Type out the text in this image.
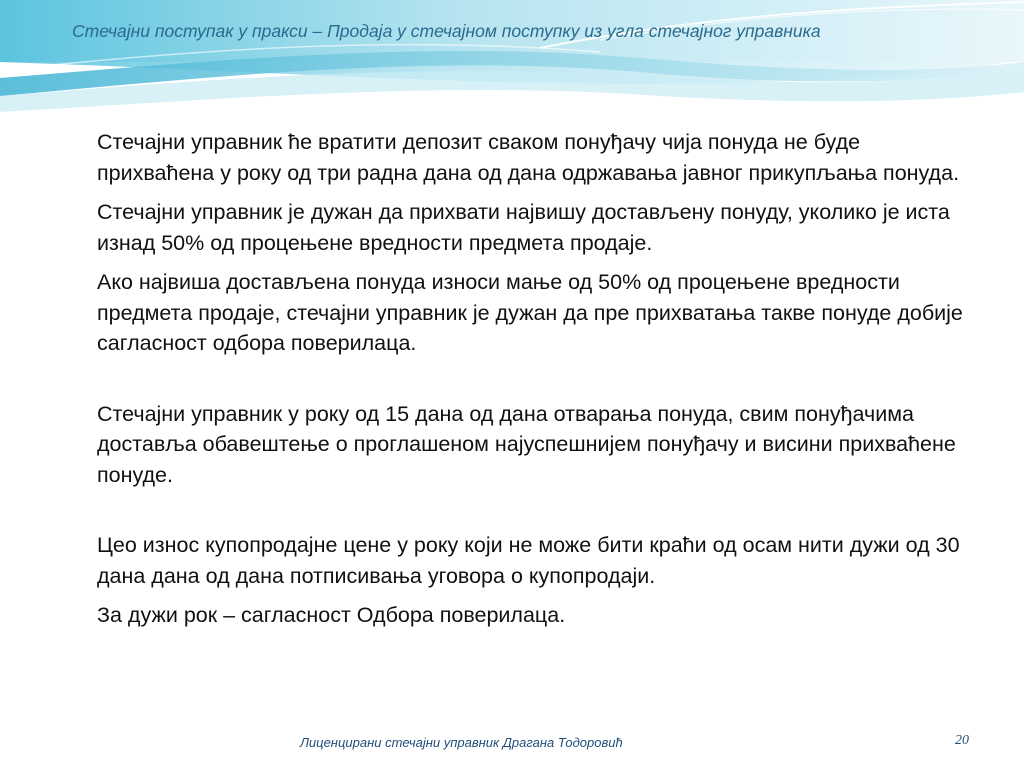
Стечајни поступак у пракси – Продаја у стечајном поступку из угла стечајног управника

Стечајни управник ће вратити депозит сваком понуђачу чија понуда не буде прихваћена у року од три радна дана од дана одржавања јавног прикупљања понуда.

Стечајни управник је дужан да прихвати највишу достављену понуду, уколико је иста изнад 50% од процењене вредности предмета продаје.

Ако највиша достављена понуда износи мање од 50% од процењене вредности предмета продаје, стечајни управник је дужан да пре прихватања такве понуде добије сагласност одбора поверилаца.

Стечајни управник у року од 15 дана од дана отварања понуда, свим понуђачима доставља обавештење о проглашеном најуспешнијем понуђачу и висини прихваћене понуде.

Цео износ купопродајне цене у року који не може бити краћи од осам нити дужи од 30 дана дана од дана потписивања уговора о купопродаји.

За дужи рок – сагласност Одбора поверилаца.

Лиценцирани стечајни управник Драгана Тодоровић	20
